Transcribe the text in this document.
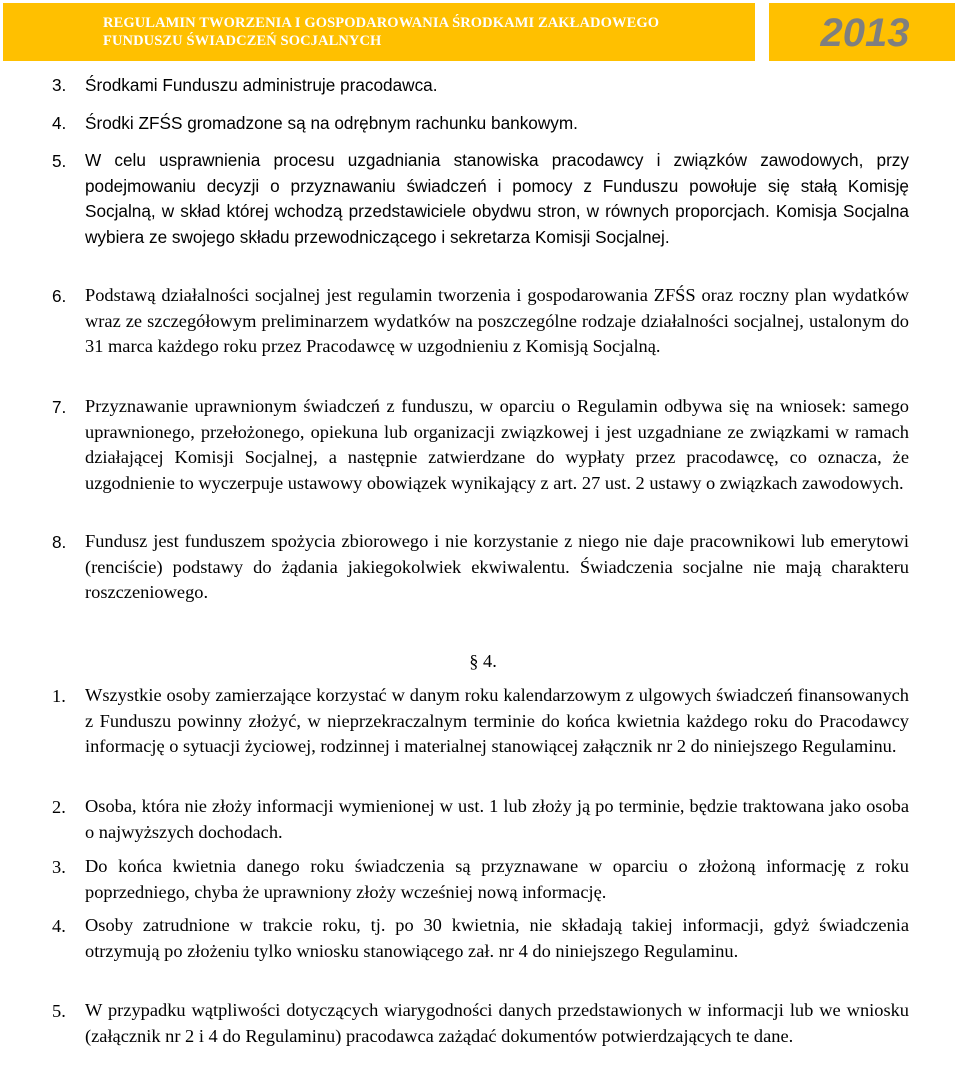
REGULAMIN TWORZENIA I GOSPODAROWANIA ŚRODKAMI ZAKŁADOWEGO
FUNDUSZU ŚWIADCZEŃ SOCJALNYCH	2013
3. Środkami Funduszu administruje pracodawca.
4. Środki ZFŚS gromadzone są na odrębnym rachunku bankowym.
5. W celu usprawnienia procesu uzgadniania stanowiska pracodawcy i związków zawodowych, przy podejmowaniu decyzji o przyznawaniu świadczeń i pomocy z Funduszu powołuje się stałą Komisję Socjalną, w skład której wchodzą przedstawiciele obydwu stron, w równych proporcjach. Komisja Socjalna wybiera ze swojego składu przewodniczącego i sekretarza Komisji Socjalnej.
6. Podstawą działalności socjalnej jest regulamin tworzenia i gospodarowania ZFŚS oraz roczny plan wydatków wraz ze szczegółowym preliminarzem wydatków na poszczególne rodzaje działalności socjalnej, ustalonym do 31 marca każdego roku przez Pracodawcę w uzgodnieniu z Komisją Socjalną.
7. Przyznawanie uprawnionym świadczeń z funduszu, w oparciu o Regulamin odbywa się na wniosek: samego uprawnionego, przełożonego, opiekuna lub organizacji związkowej i jest uzgadniane ze związkami w ramach działającej Komisji Socjalnej, a następnie zatwierdzane do wypłaty przez pracodawcę, co oznacza, że uzgodnienie to wyczerpuje ustawowy obowiązek wynikający z art. 27 ust. 2 ustawy o związkach zawodowych.
8. Fundusz jest funduszem spożycia zbiorowego i nie korzystanie z niego nie daje pracownikowi lub emerytowi (renciście) podstawy do żądania jakiegokolwiek ekwiwalentu. Świadczenia socjalne nie mają charakteru roszczeniowego.
§ 4.
1. Wszystkie osoby zamierzające korzystać w danym roku kalendarzowym z ulgowych świadczeń finansowanych z Funduszu powinny złożyć, w nieprzekraczalnym terminie do końca kwietnia każdego roku do Pracodawcy informację o sytuacji życiowej, rodzinnej i materialnej stanowiącej załącznik nr 2 do niniejszego Regulaminu.
2. Osoba, która nie złoży informacji wymienionej w ust. 1 lub złoży ją po terminie, będzie traktowana jako osoba o najwyższych dochodach.
3. Do końca kwietnia danego roku świadczenia są przyznawane w oparciu o złożoną informację z roku poprzedniego, chyba że uprawniony złoży wcześniej nową informację.
4. Osoby zatrudnione w trakcie roku, tj. po 30 kwietnia, nie składają takiej informacji, gdyż świadczenia otrzymują po złożeniu tylko wniosku stanowiącego zał. nr 4 do niniejszego Regulaminu.
5. W przypadku wątpliwości dotyczących wiarygodności danych przedstawionych w informacji lub we wniosku (załącznik nr 2 i 4 do Regulaminu) pracodawca zażądać dokumentów potwierdzających te dane.
